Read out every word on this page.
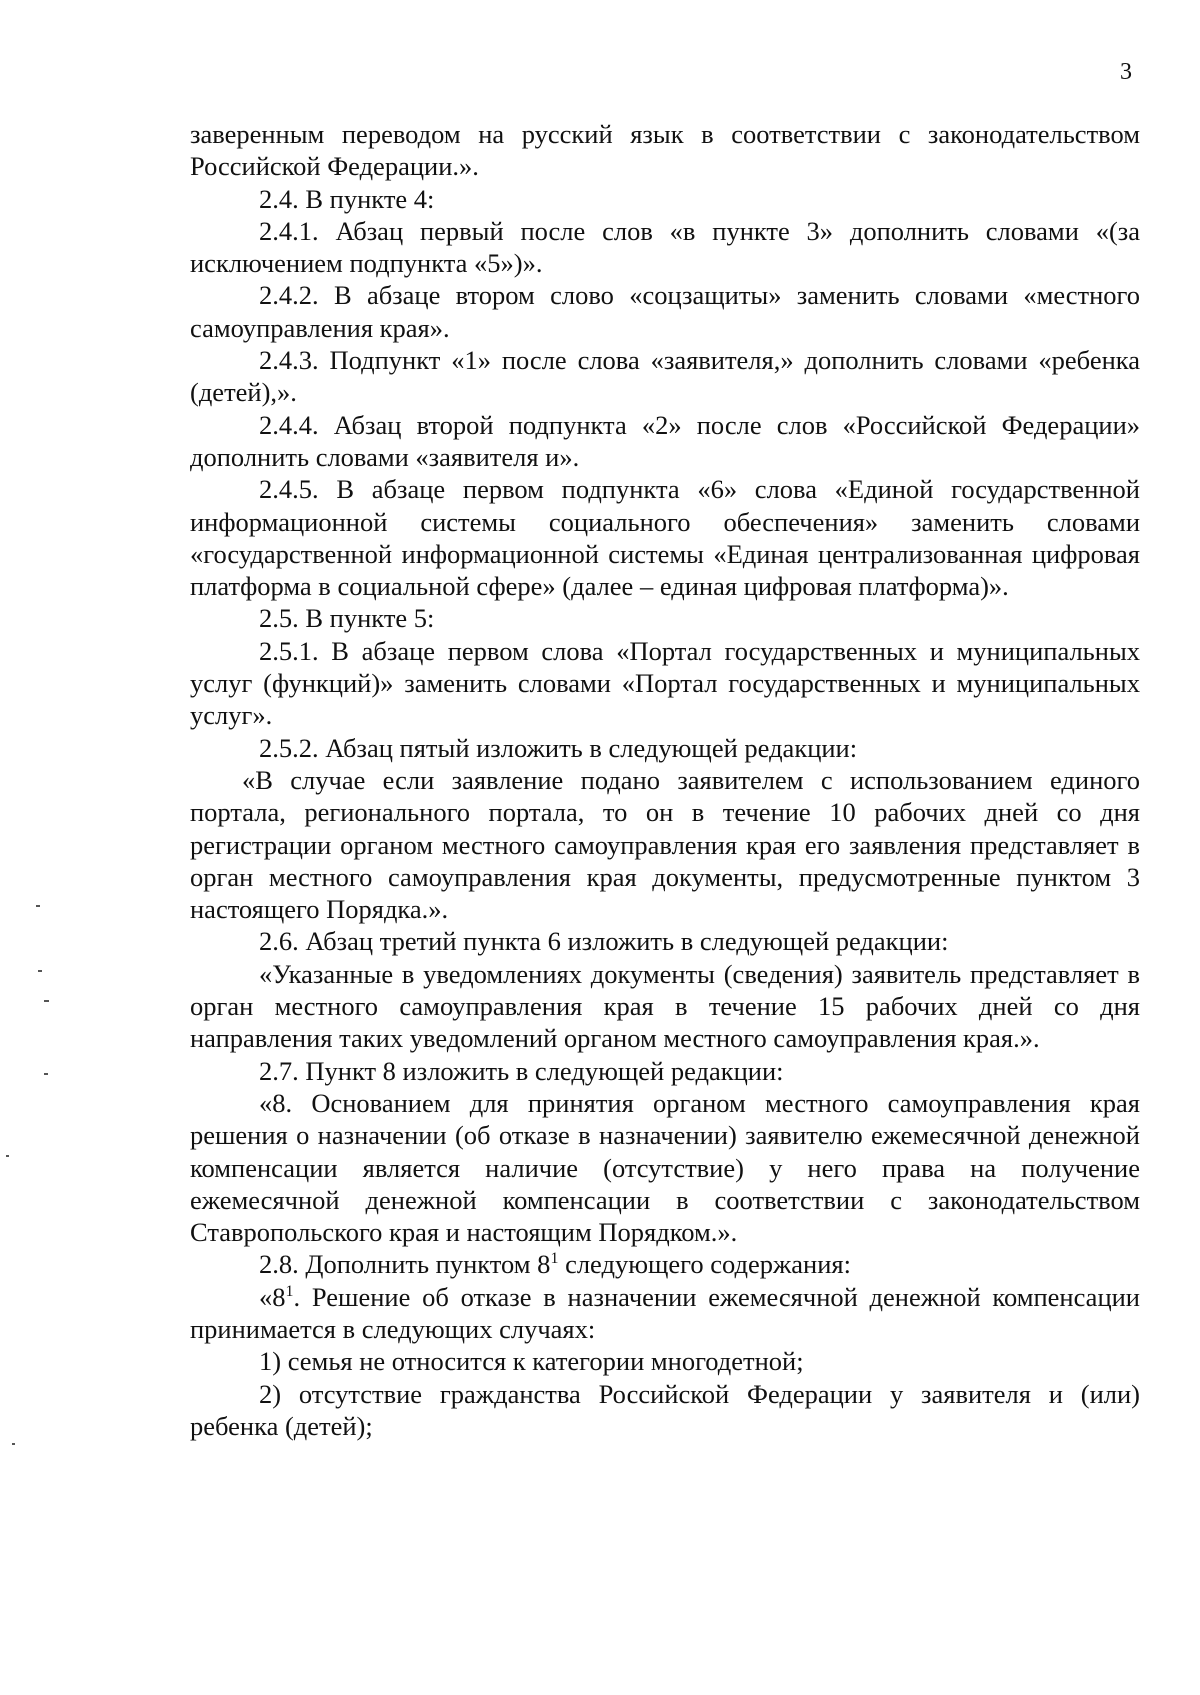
3

заверенным переводом на русский язык в соответствии с законодательством Российской Федерации.».

2.4. В пункте 4:

2.4.1. Абзац первый после слов «в пункте 3» дополнить словами «(за исключением подпункта «5»)».

2.4.2. В абзаце втором слово «соцзащиты» заменить словами «местного самоуправления края».

2.4.3. Подпункт «1» после слова «заявителя,» дополнить словами «ребенка (детей),».

2.4.4. Абзац второй подпункта «2» после слов «Российской Федерации» дополнить словами «заявителя и».

2.4.5. В абзаце первом подпункта «6» слова «Единой государственной информационной системы социального обеспечения» заменить словами «государственной информационной системы «Единая централизованная цифровая платформа в социальной сфере» (далее – единая цифровая платформа)».

2.5. В пункте 5:

2.5.1. В абзаце первом слова «Портал государственных и муниципальных услуг (функций)» заменить словами «Портал государственных и муниципальных услуг».

2.5.2. Абзац пятый изложить в следующей редакции:

«В случае если заявление подано заявителем с использованием единого портала, регионального портала, то он в течение 10 рабочих дней со дня регистрации органом местного самоуправления края его заявления представляет в орган местного самоуправления края документы, предусмотренные пунктом 3 настоящего Порядка.».

2.6. Абзац третий пункта 6 изложить в следующей редакции:

«Указанные в уведомлениях документы (сведения) заявитель представляет в орган местного самоуправления края в течение 15 рабочих дней со дня направления таких уведомлений органом местного самоуправления края.».

2.7. Пункт 8 изложить в следующей редакции:

«8. Основанием для принятия органом местного самоуправления края решения о назначении (об отказе в назначении) заявителю ежемесячной денежной компенсации является наличие (отсутствие) у него права на получение ежемесячной денежной компенсации в соответствии с законодательством Ставропольского края и настоящим Порядком.».

2.8. Дополнить пунктом $8^1$ следующего содержания:

«$8^1$. Решение об отказе в назначении ежемесячной денежной компенсации принимается в следующих случаях:

1) семья не относится к категории многодетной;

2) отсутствие гражданства Российской Федерации у заявителя и (или) ребенка (детей);
